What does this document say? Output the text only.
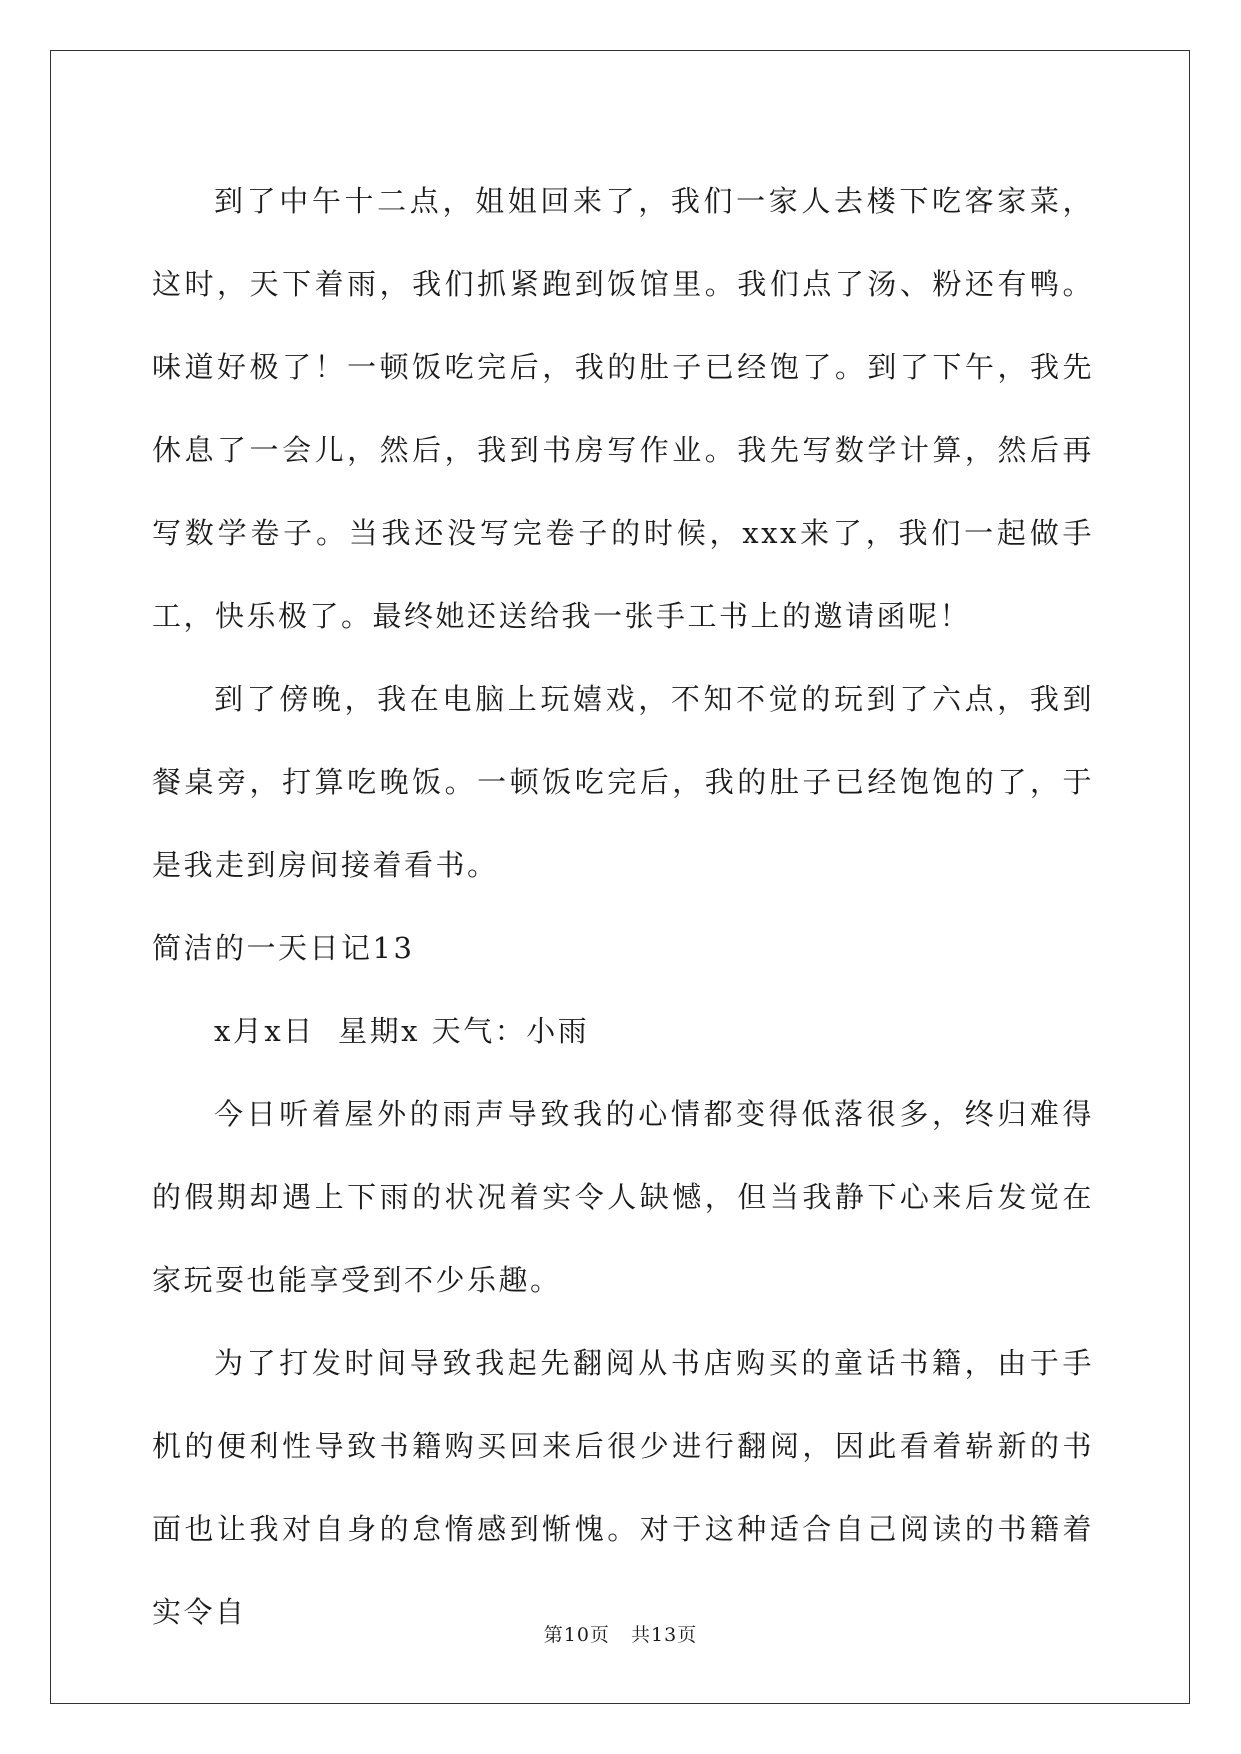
到了中午十二点，姐姐回来了，我们一家人去楼下吃客家菜，这时，天下着雨，我们抓紧跑到饭馆里。我们点了汤、粉还有鸭。味道好极了！一顿饭吃完后，我的肚子已经饱了。到了下午，我先休息了一会儿，然后，我到书房写作业。我先写数学计算，然后再写数学卷子。当我还没写完卷子的时候，xxx来了，我们一起做手工，快乐极了。最终她还送给我一张手工书上的邀请函呢！

到了傍晚，我在电脑上玩嬉戏，不知不觉的玩到了六点，我到餐桌旁，打算吃晚饭。一顿饭吃完后，我的肚子已经饱饱的了，于是我走到房间接着看书。

简洁的一天日记13

x月x日  星期x 天气：小雨

今日听着屋外的雨声导致我的心情都变得低落很多，终归难得的假期却遇上下雨的状况着实令人缺憾，但当我静下心来后发觉在家玩耍也能享受到不少乐趣。

为了打发时间导致我起先翻阅从书店购买的童话书籍，由于手机的便利性导致书籍购买回来后很少进行翻阅，因此看着崭新的书面也让我对自身的怠惰感到惭愧。对于这种适合自己阅读的书籍着实令自

第10页   共13页
